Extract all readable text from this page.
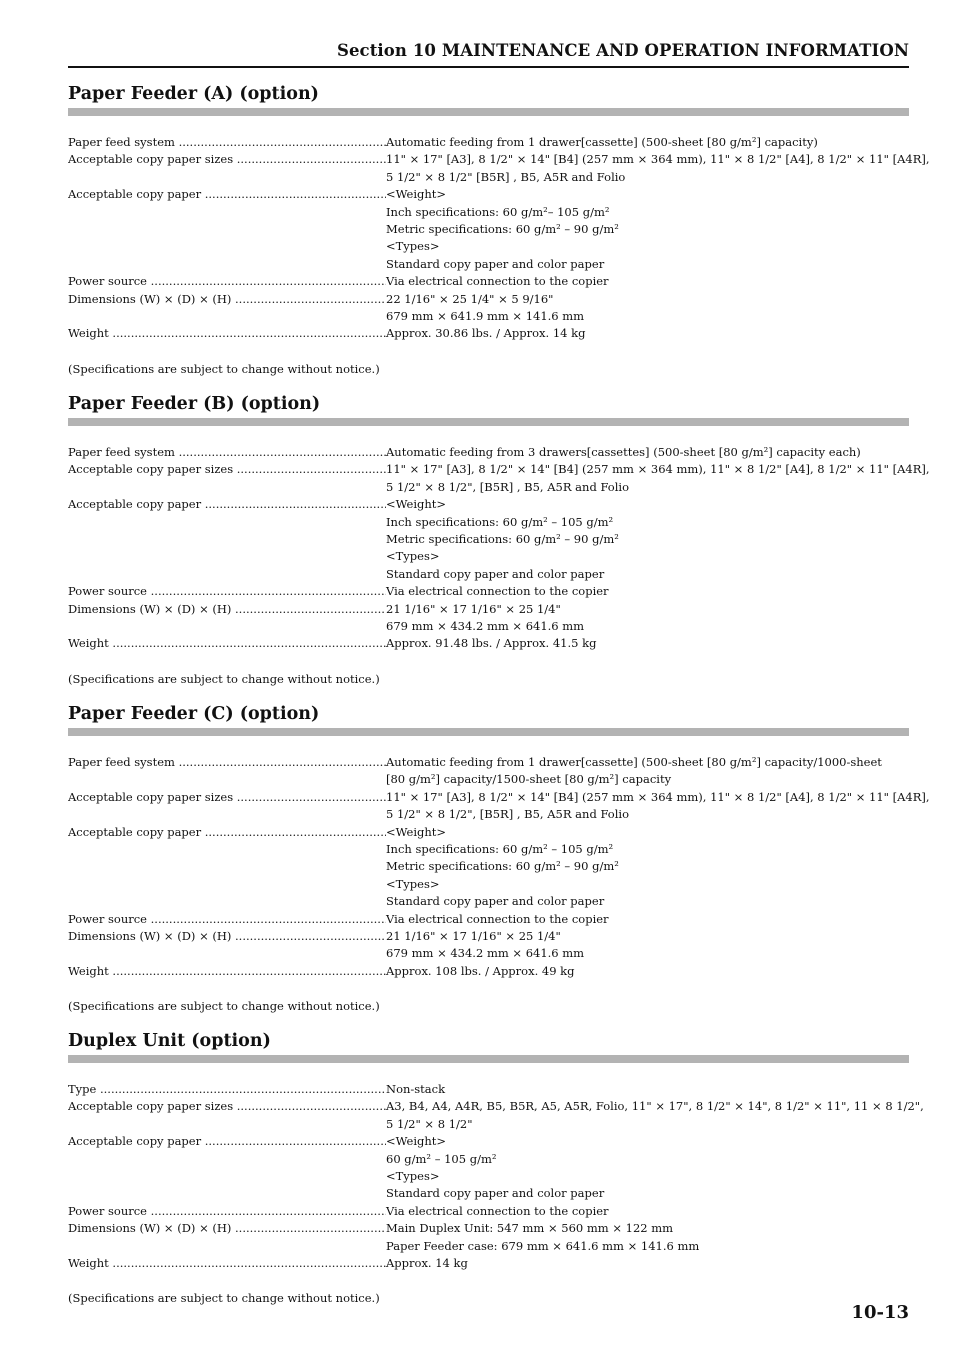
Section 10 MAINTENANCE AND OPERATION INFORMATION
Paper Feeder (A) (option)
Paper feed system .....	Automatic feeding from 1 drawer[cassette] (500-sheet [80 g/m²] capacity)
Acceptable copy paper sizes .....	11" × 17" [A3], 8 1/2" × 14" [B4] (257 mm × 364 mm), 11" × 8 1/2" [A4], 8 1/2" × 11" [A4R],
5 1/2" × 8 1/2" [B5R] , B5, A5R and Folio
Acceptable copy paper .....	<Weight>
Inch specifications: 60 g/m²– 105 g/m²
Metric specifications: 60 g/m² – 90 g/m²
<Types>
Standard copy paper and color paper
Power source .....	Via electrical connection to the copier
Dimensions (W) × (D) × (H) .....	22 1/16" × 25 1/4" × 5 9/16"
679 mm × 641.9 mm × 141.6 mm
Weight .....	Approx. 30.86 lbs. / Approx. 14 kg
(Specifications are subject to change without notice.)
Paper Feeder (B) (option)
Paper feed system .....	Automatic feeding from 3 drawers[cassettes] (500-sheet [80 g/m²] capacity each)
Acceptable copy paper sizes .....	11" × 17" [A3], 8 1/2" × 14" [B4] (257 mm × 364 mm), 11" × 8 1/2" [A4], 8 1/2" × 11" [A4R],
5 1/2" × 8 1/2", [B5R] , B5, A5R and Folio
Acceptable copy paper .....	<Weight>
Inch specifications: 60 g/m² – 105 g/m²
Metric specifications: 60 g/m² – 90 g/m²
<Types>
Standard copy paper and color paper
Power source .....	Via electrical connection to the copier
Dimensions (W) × (D) × (H) .....	21 1/16" × 17 1/16" × 25 1/4"
679 mm × 434.2 mm × 641.6 mm
Weight .....	Approx. 91.48 lbs. / Approx. 41.5 kg
(Specifications are subject to change without notice.)
Paper Feeder (C) (option)
Paper feed system .....	Automatic feeding from 1 drawer[cassette] (500-sheet [80 g/m²] capacity/1000-sheet
[80 g/m²] capacity/1500-sheet [80 g/m²] capacity
Acceptable copy paper sizes .....	11" × 17" [A3], 8 1/2" × 14" [B4] (257 mm × 364 mm), 11" × 8 1/2" [A4], 8 1/2" × 11" [A4R],
5 1/2" × 8 1/2", [B5R] , B5, A5R and Folio
Acceptable copy paper .....	<Weight>
Inch specifications: 60 g/m² – 105 g/m²
Metric specifications: 60 g/m² – 90 g/m²
<Types>
Standard copy paper and color paper
Power source .....	Via electrical connection to the copier
Dimensions (W) × (D) × (H) .....	21 1/16" × 17 1/16" × 25 1/4"
679 mm × 434.2 mm × 641.6 mm
Weight .....	Approx. 108 lbs. / Approx. 49 kg
(Specifications are subject to change without notice.)
Duplex Unit (option)
Type .....	Non-stack
Acceptable copy paper sizes .....	A3, B4, A4, A4R, B5, B5R, A5, A5R, Folio, 11" × 17", 8 1/2" × 14", 8 1/2" × 11", 11 × 8 1/2",
5 1/2" × 8 1/2"
Acceptable copy paper .....	<Weight>
60 g/m² – 105 g/m²
<Types>
Standard copy paper and color paper
Power source .....	Via electrical connection to the copier
Dimensions (W) × (D) × (H) .....	Main Duplex Unit: 547 mm × 560 mm × 122 mm
Paper Feeder case: 679 mm × 641.6 mm × 141.6 mm
Weight .....	Approx. 14 kg
(Specifications are subject to change without notice.)
10-13
